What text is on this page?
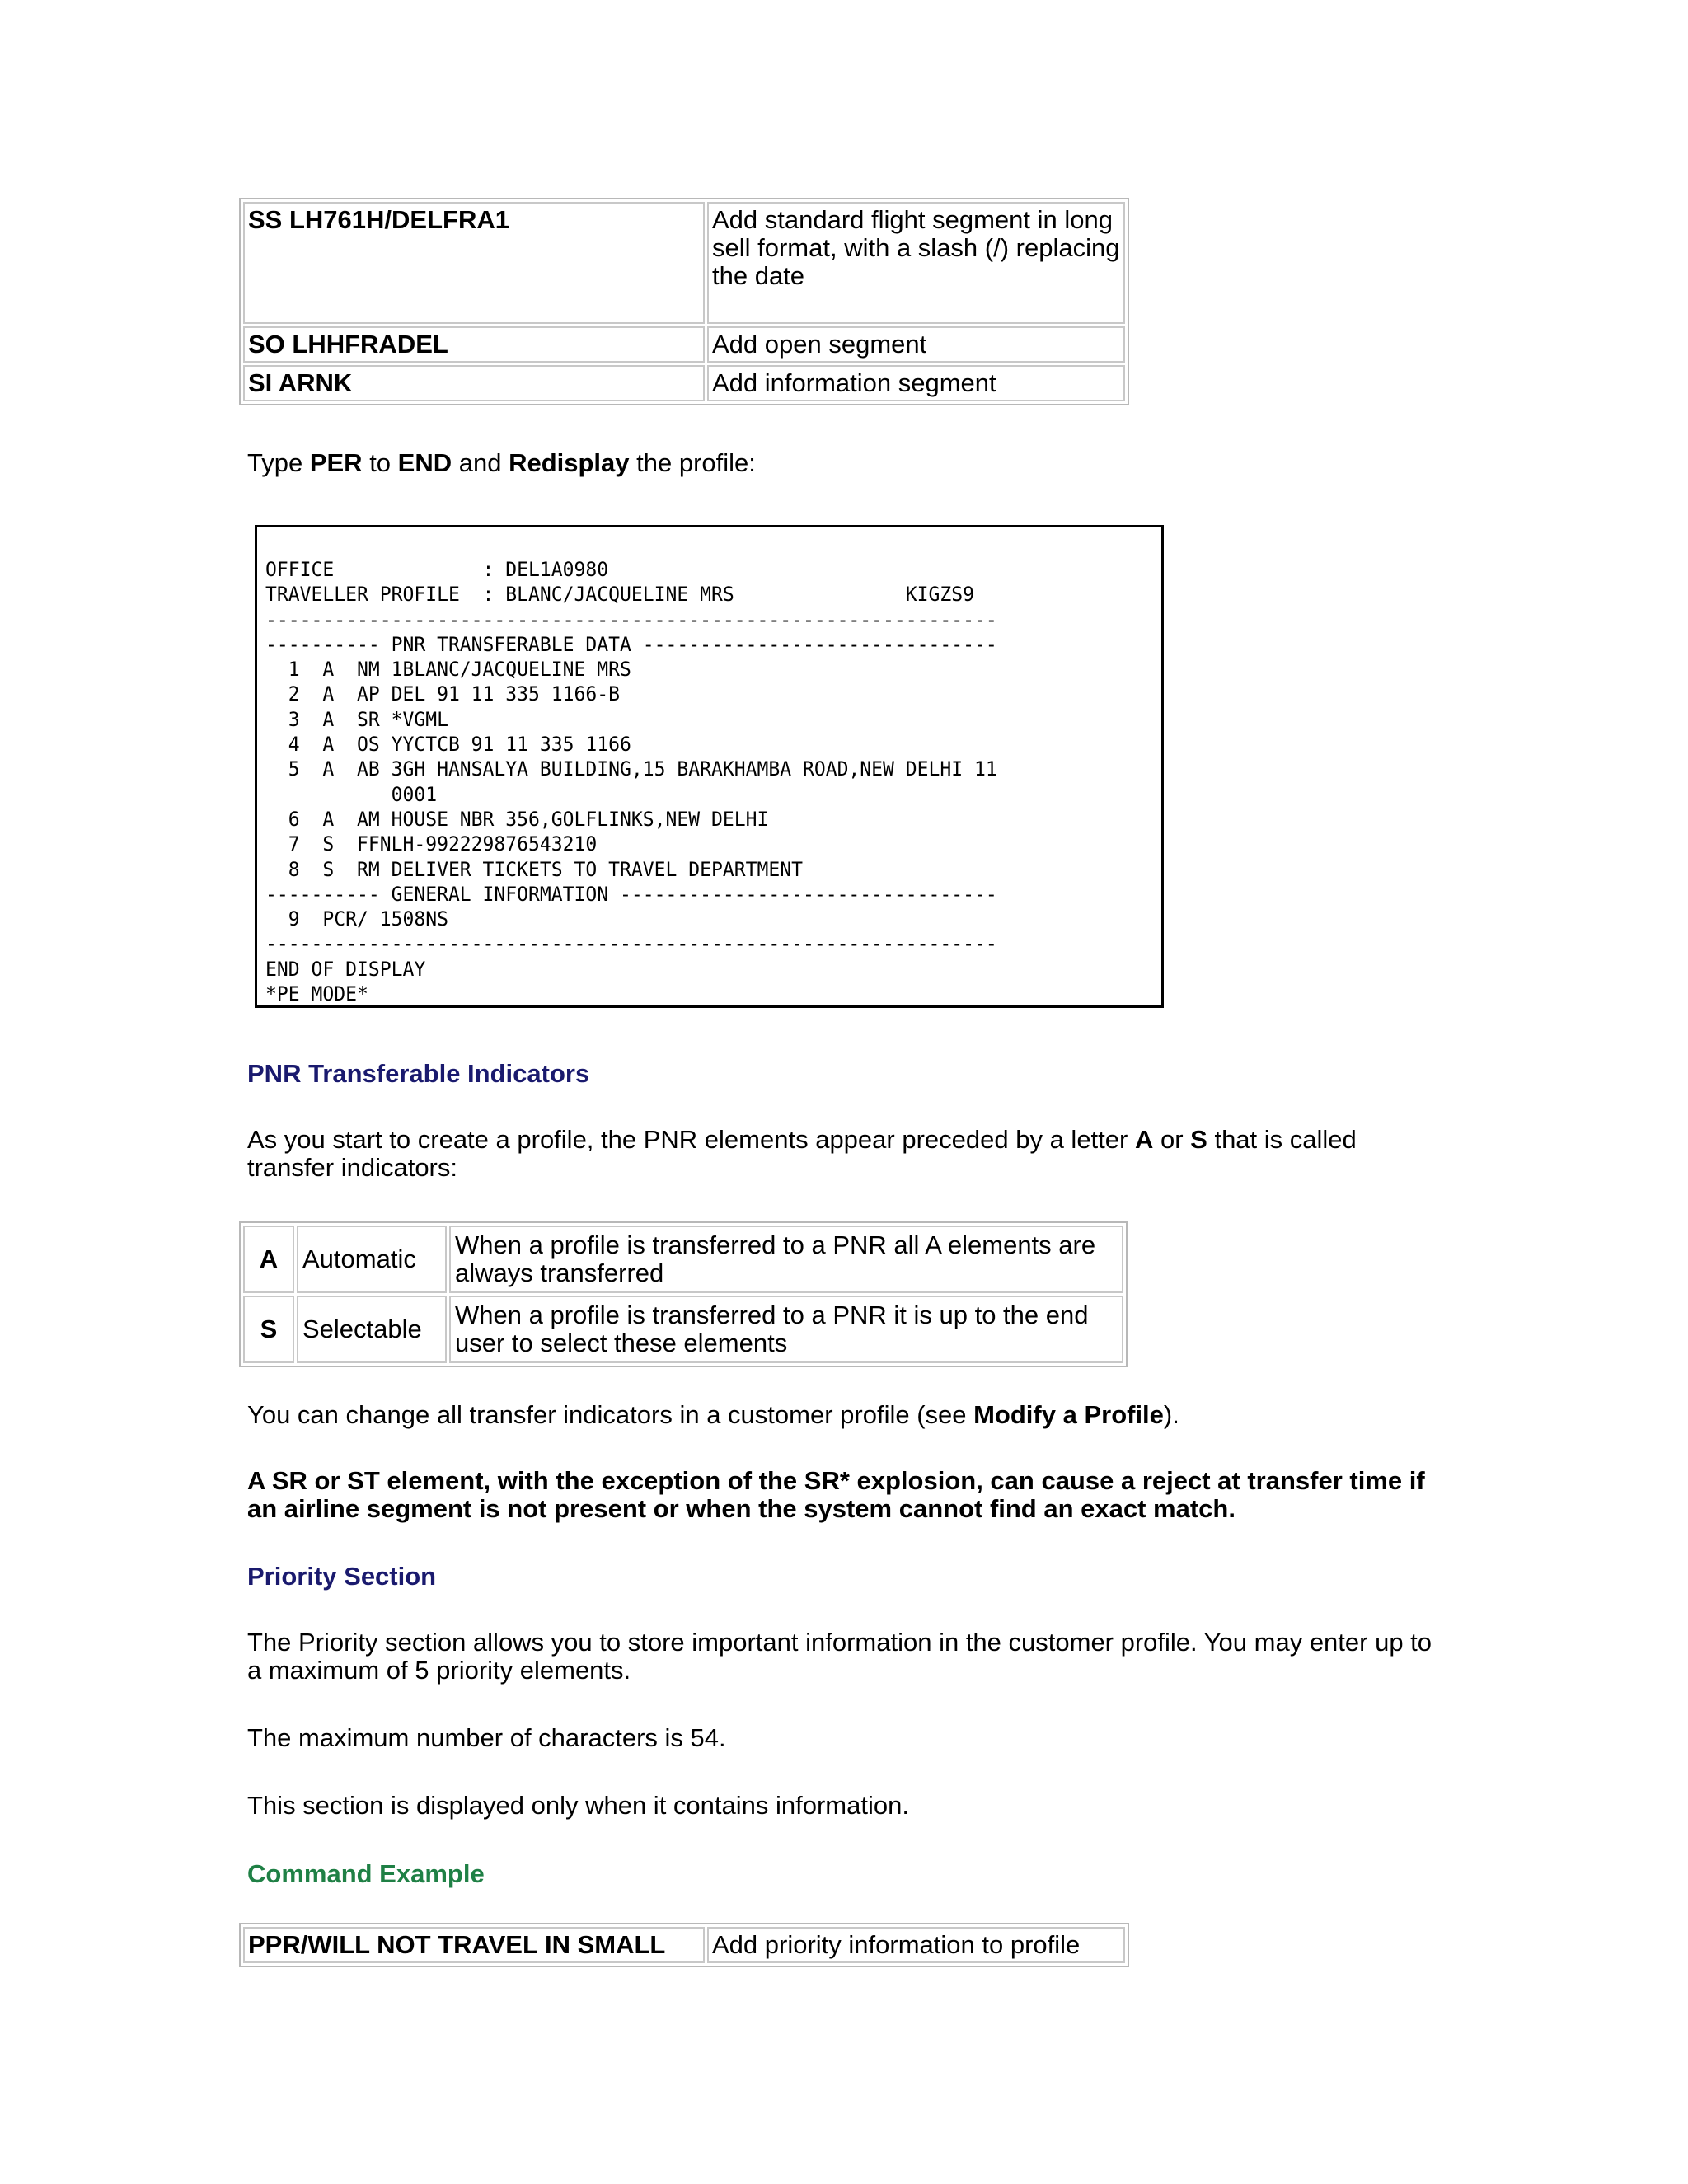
SS LH761H/DELFRA1	Add standard flight segment in long sell format, with a slash (/) replacing the date
SO LHHFRADEL	Add open segment
SI ARNK	Add information segment

Type PER to END and Redisplay the profile:

OFFICE             : DEL1A0980
TRAVELLER PROFILE  : BLANC/JACQUELINE MRS               KIGZS9
----------------------------------------------------------------
---------- PNR TRANSFERABLE DATA -------------------------------
1  A  NM 1BLANC/JACQUELINE MRS
2  A  AP DEL 91 11 335 1166-B
3  A  SR *VGML
4  A  OS YYCTCB 91 11 335 1166
5  A  AB 3GH HANSALYA BUILDING,15 BARAKHAMBA ROAD,NEW DELHI 11
0001
6  A  AM HOUSE NBR 356,GOLFLINKS,NEW DELHI
7  S  FFNLH-992229876543210
8  S  RM DELIVER TICKETS TO TRAVEL DEPARTMENT
---------- GENERAL INFORMATION ---------------------------------
9  PCR/ 1508NS
----------------------------------------------------------------
END OF DISPLAY
*PE MODE*
PNR Transferable Indicators

As you start to create a profile, the PNR elements appear preceded by a letter A or S that is called transfer indicators:

A	Automatic	When a profile is transferred to a PNR all A elements are always transferred
S	Selectable	When a profile is transferred to a PNR it is up to the end user to select these elements

You can change all transfer indicators in a customer profile (see Modify a Profile).

A SR or ST element, with the exception of the SR* explosion, can cause a reject at transfer time if an airline segment is not present or when the system cannot find an exact match.

Priority Section

The Priority section allows you to store important information in the customer profile. You may enter up to a maximum of 5 priority elements.

The maximum number of characters is 54.

This section is displayed only when it contains information.

Command Example
PPR/WILL NOT TRAVEL IN SMALL	Add priority information to profile
